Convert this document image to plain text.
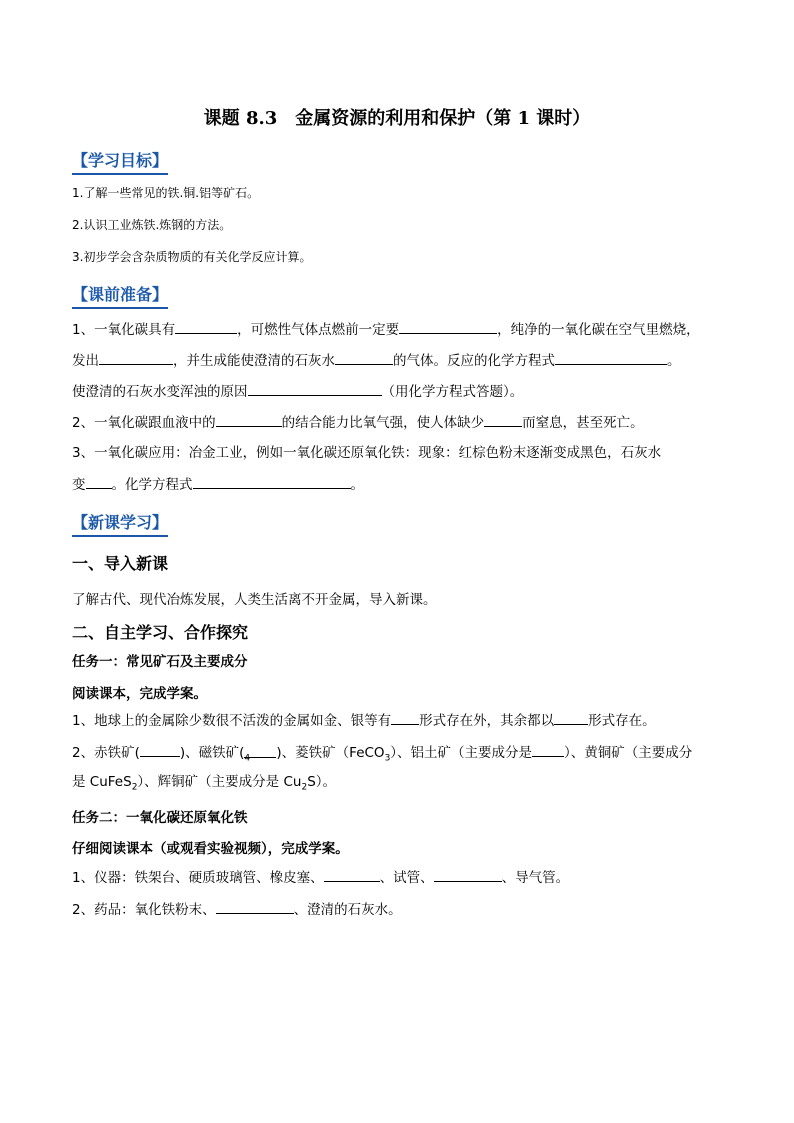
课题 8.3　金属资源的利用和保护（第 1 课时）
【学习目标】
1.了解一些常见的铁.铜.铝等矿石。
2.认识工业炼铁.炼钢的方法。
3.初步学会含杂质物质的有关化学反应计算。
【课前准备】
1、一氧化碳具有	，可燃性气体点燃前一定要	，纯净的一氧化碳在空气里燃烧，
发出	，并生成能使澄清的石灰水	的气体。反应的化学方程式	。
使澄清的石灰水变浑浊的原因	（用化学方程式答题）。
2、一氧化碳跟血液中的	的结合能力比氧气强，使人体缺少	而窒息，甚至死亡。
3、一氧化碳应用：冶金工业，例如一氧化碳还原氧化铁：现象：红棕色粉末逐渐变成黑色，石灰水
变 。化学方程式	。
【新课学习】
一、导入新课
了解古代、现代冶炼发展，人类生活离不开金属，导入新课。
二、自主学习、合作探究
任务一：常见矿石及主要成分
阅读课本，完成学案。
1、地球上的金属除少数很不活泼的金属如金、银等有 形式存在外，其余都以	形式存在。
2、赤铁矿(	)、磁铁矿($_4$ )、菱铁矿（FeCO$_3$）、铝土矿（主要成分是 ）、黄铜矿（主要成分
是 CuFeS$_2$）、辉铜矿（主要成分是 $Cu_2S$）。
任务二：一氧化碳还原氧化铁
仔细阅读课本（或观看实验视频），完成学案。
1、仪器：铁架台、硬质玻璃管、橡皮塞、	、试管、	、导气管。
2、药品：氧化铁粉末、	、澄清的石灰水。
